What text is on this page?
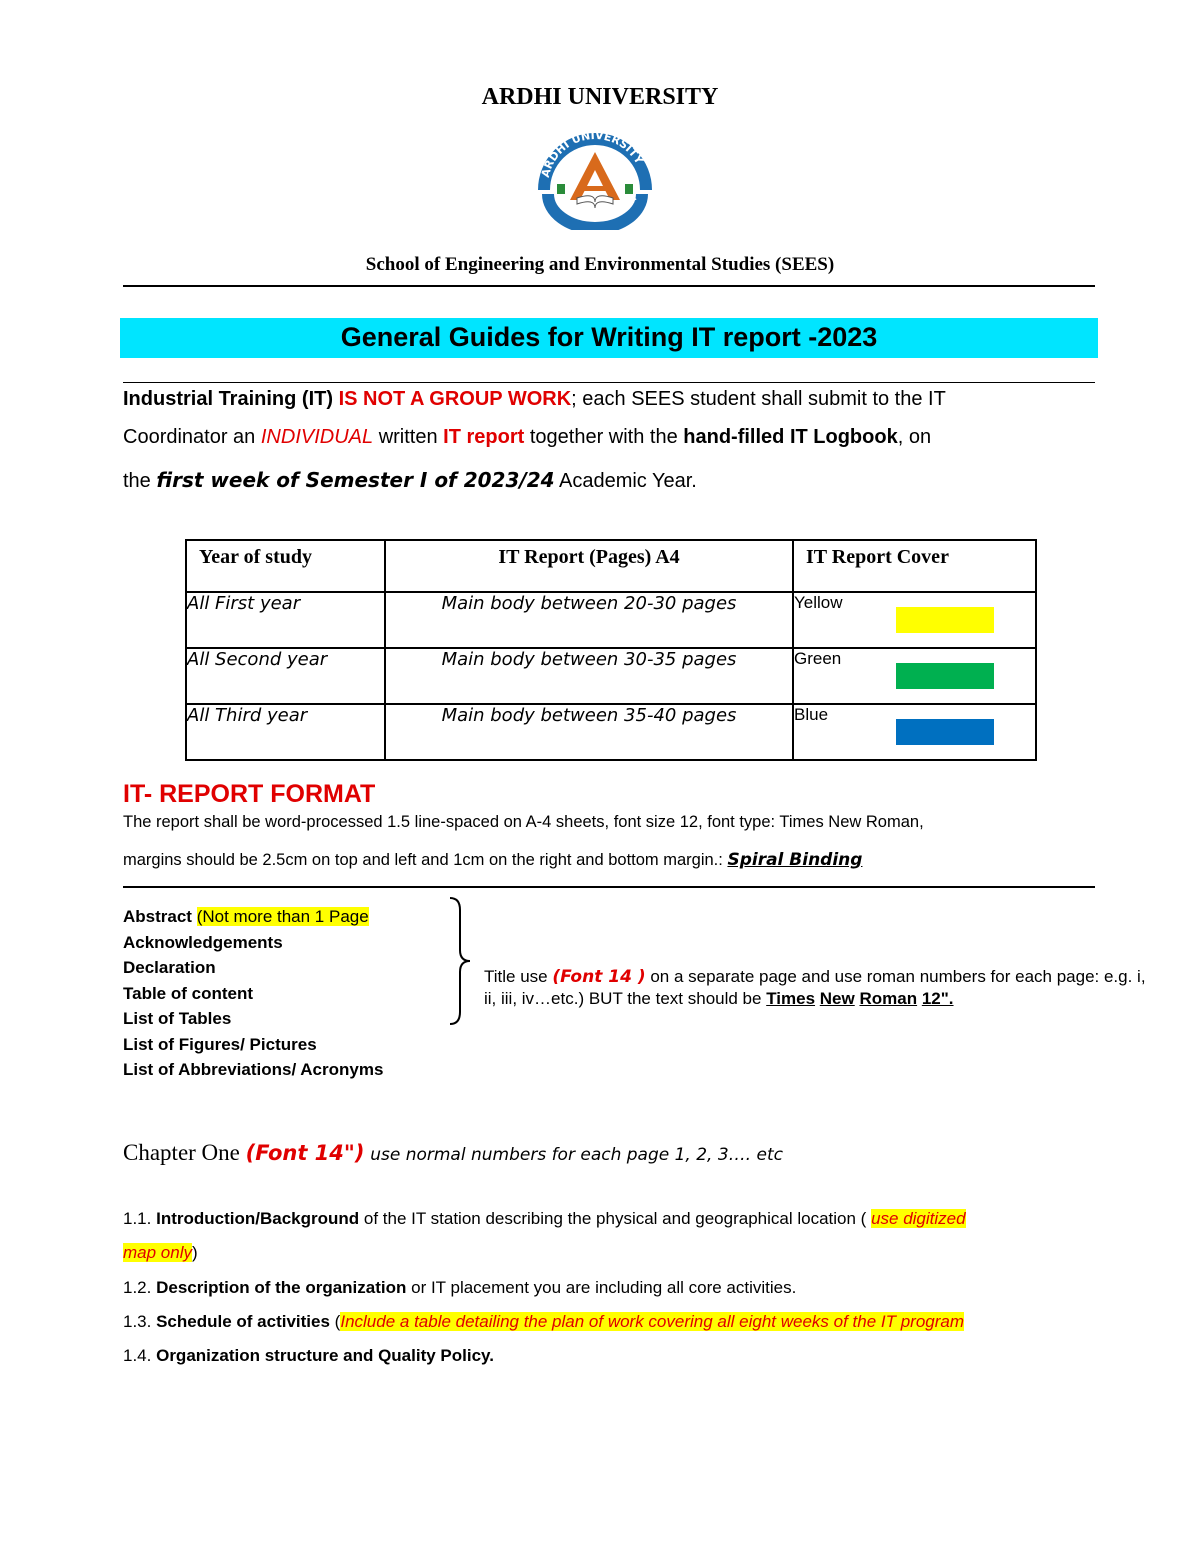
ARDHI UNIVERSITY
ARDHI UNIVERSITY
Weledi na Ustawi
School of Engineering and Environmental Studies (SEES)
General Guides for Writing IT report -2023
Industrial Training (IT) IS NOT A GROUP WORK; each SEES student shall submit to the IT
Coordinator an INDIVIDUAL written IT report together with the hand-filled IT Logbook, on
the first week of Semester I of 2023/24 Academic Year.
Year of study	IT Report (Pages) A4	IT Report Cover
All First year	Main body between 20-30 pages	Yellow

All Second year	Main body between 30-35 pages	Green

All Third year	Main body between 35-40 pages	Blue
IT- REPORT FORMAT
The report shall be word-processed 1.5 line-spaced on A-4 sheets, font size 12, font type: Times New Roman,
margins should be 2.5cm on top and left and 1cm on the right and bottom margin.: Spiral Binding
Abstract (Not more than 1 Page
Acknowledgements
Declaration
Table of content
List of Tables
List of Figures/ Pictures
List of Abbreviations/ Acronyms
Title use (Font 14 ) on a separate page and use roman numbers for each page: e.g. i, ii, iii, iv…etc.) BUT the text should be Times New Roman 12".
Chapter One (Font 14") use normal numbers for each page 1, 2, 3…. etc
1.1. Introduction/Background of the IT station describing the physical and geographical location ( use digitized
map only)
1.2. Description of the organization or IT placement you are including all core activities.
1.3. Schedule of activities (Include a table detailing the plan of work covering all eight weeks of the IT program
1.4. Organization structure and Quality Policy.
